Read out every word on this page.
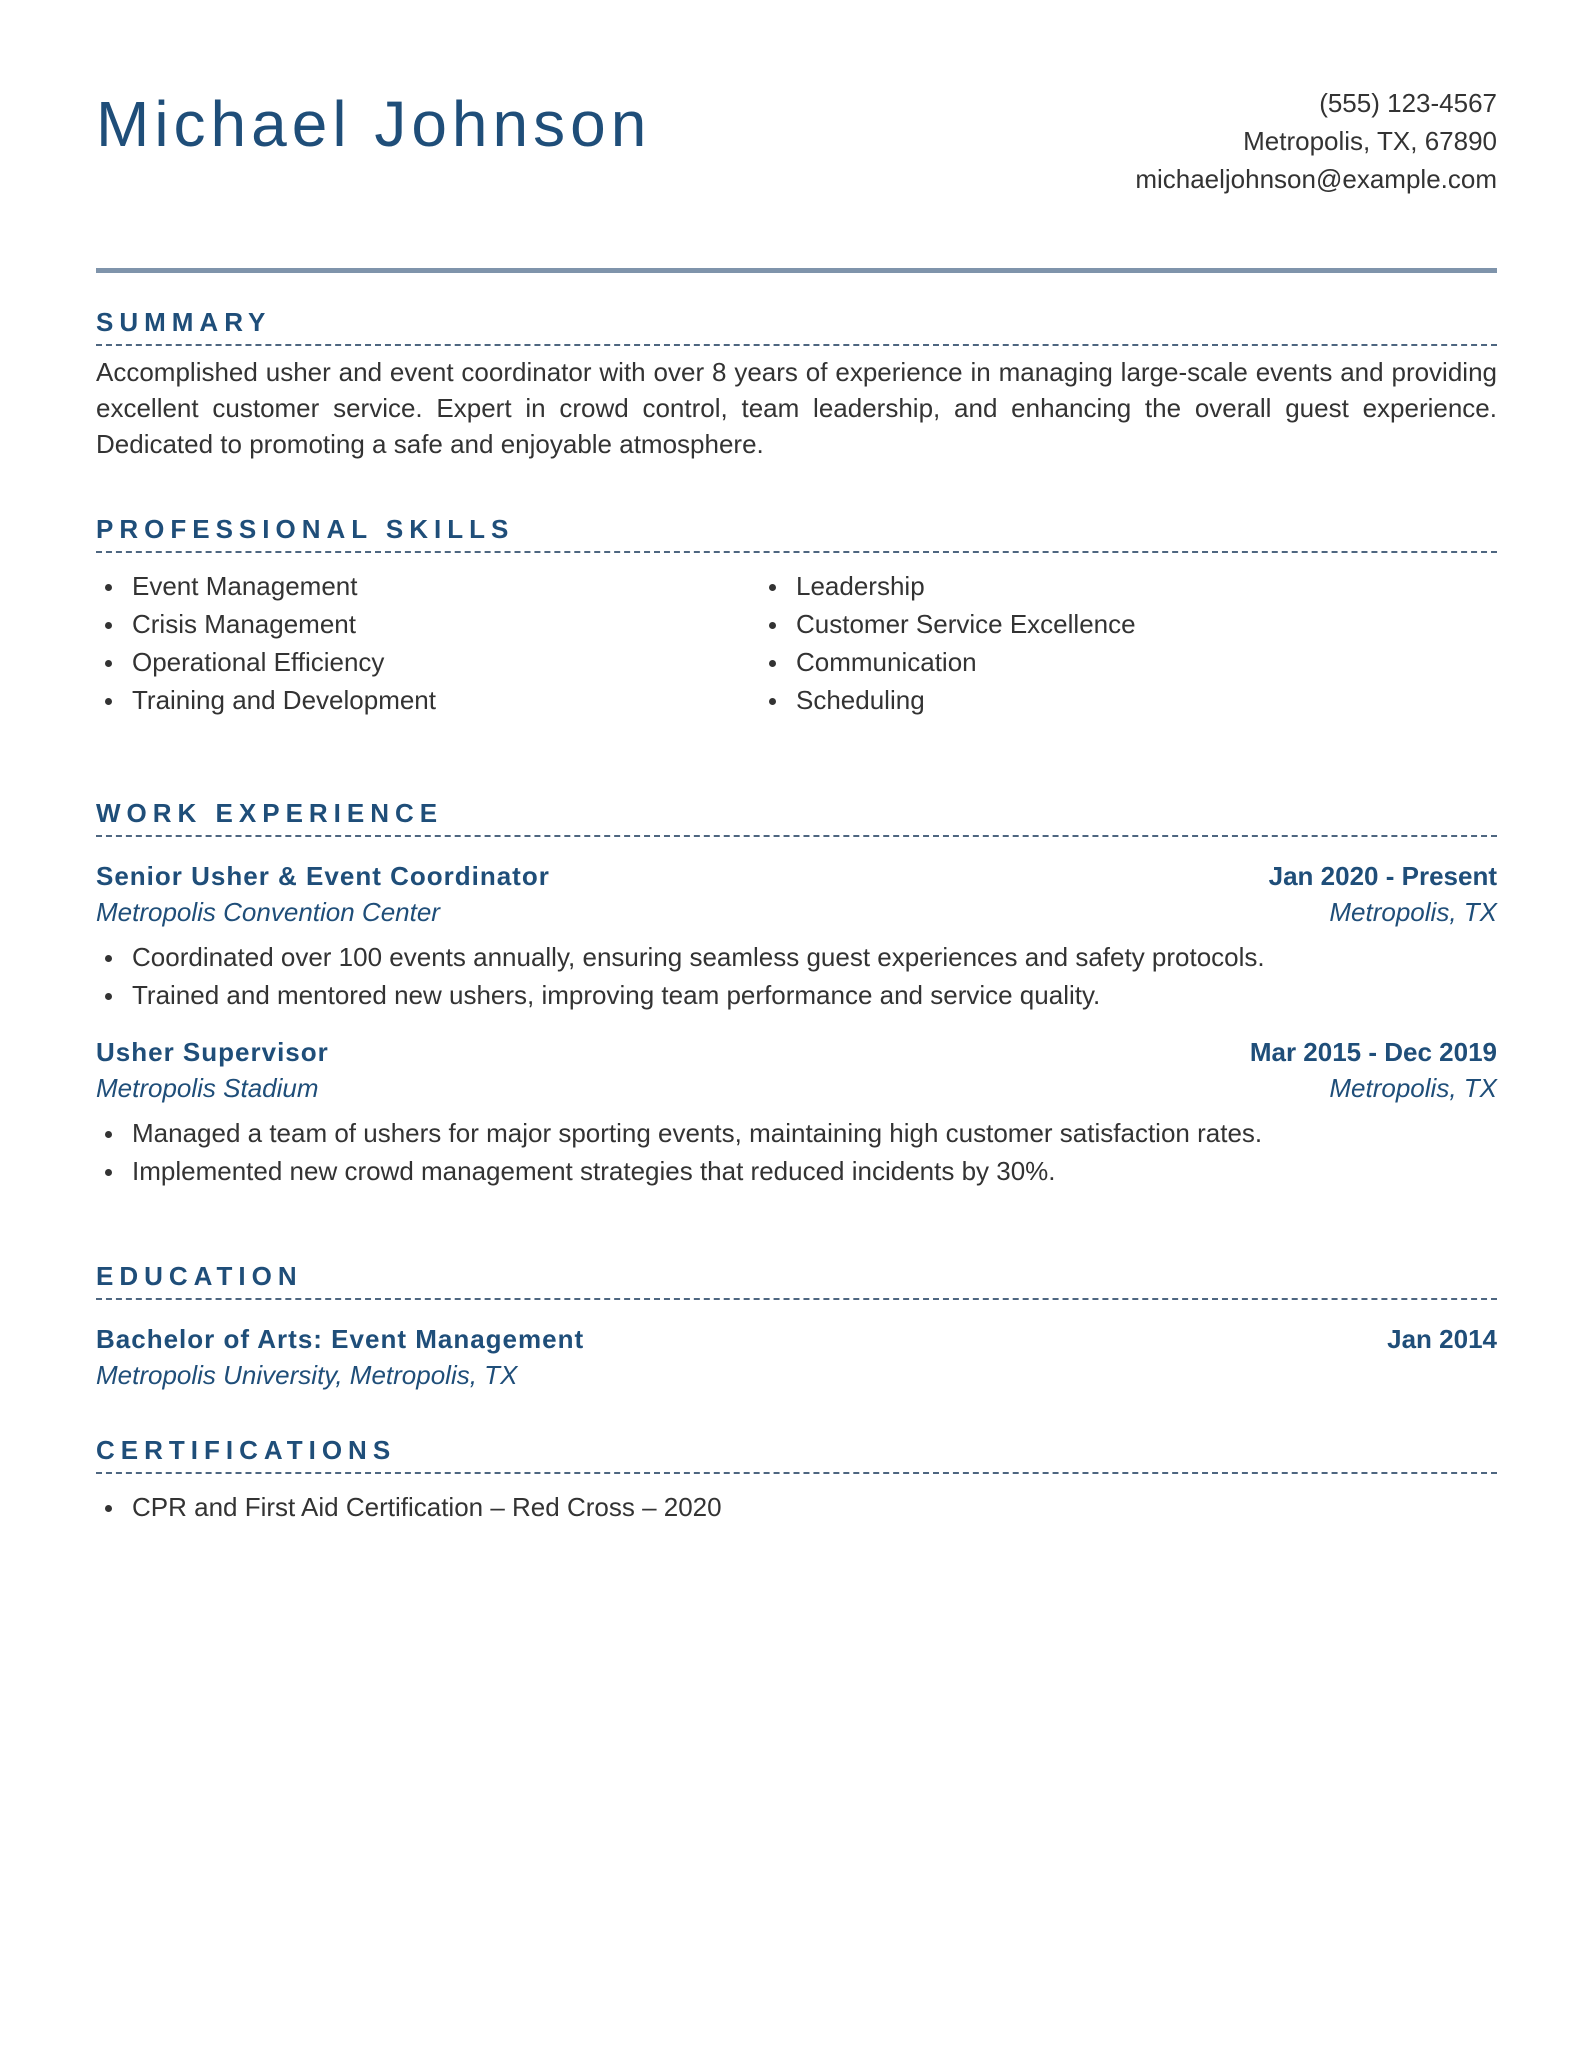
Michael Johnson	(555) 123-4567
Metropolis, TX, 67890
michaeljohnson@example.com
SUMMARY

Accomplished usher and event coordinator with over 8 years of experience in managing large-scale events and providing excellent customer service. Expert in crowd control, team leadership, and enhancing the overall guest experience. Dedicated to promoting a safe and enjoyable atmosphere.

PROFESSIONAL SKILLS
Event Management
Crisis Management
Operational Efficiency
Training and Development
Leadership
Customer Service Excellence
Communication
Scheduling
WORK EXPERIENCE
Senior Usher & Event Coordinator	Jan 2020 - Present
Metropolis Convention Center	Metropolis, TX
Coordinated over 100 events annually, ensuring seamless guest experiences and safety protocols.
Trained and mentored new ushers, improving team performance and service quality.
Usher Supervisor	Mar 2015 - Dec 2019
Metropolis Stadium	Metropolis, TX
Managed a team of ushers for major sporting events, maintaining high customer satisfaction rates.
Implemented new crowd management strategies that reduced incidents by 30%.
EDUCATION
Bachelor of Arts: Event Management	Jan 2014
Metropolis University, Metropolis, TX
CERTIFICATIONS
CPR and First Aid Certification – Red Cross – 2020
